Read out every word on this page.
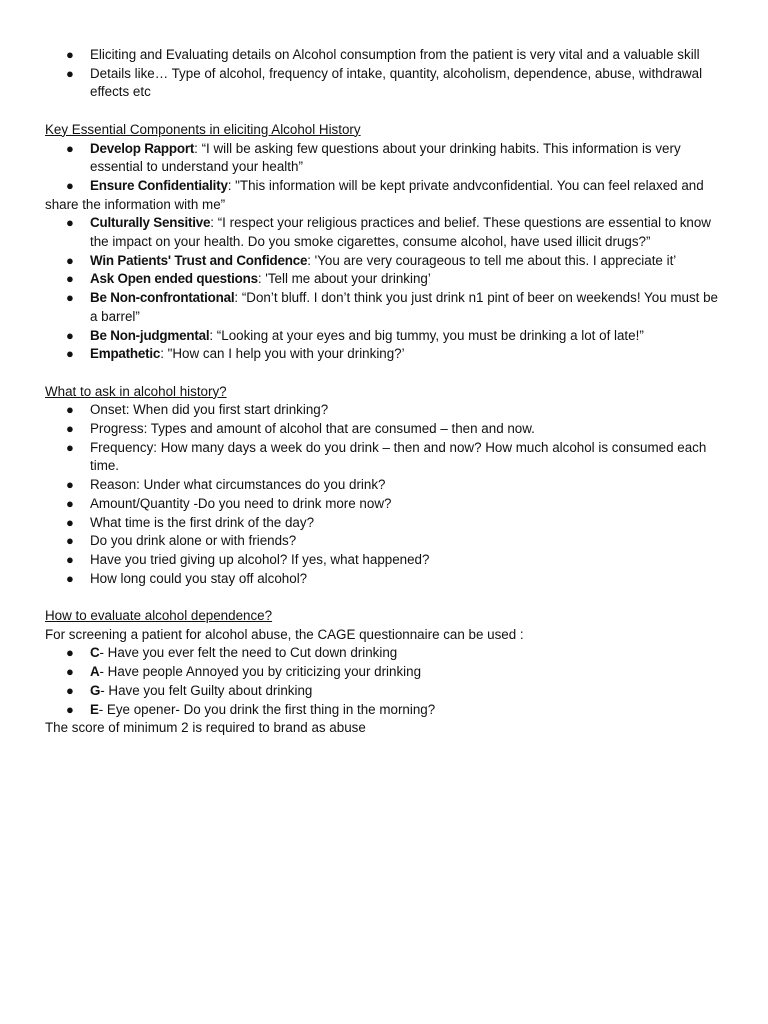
● Eliciting and Evaluating details on Alcohol consumption from the patient is very vital and a valuable skill
● Details like… Type of alcohol, frequency of intake, quantity, alcoholism, dependence, abuse, withdrawal effects etc

Key Essential Components in eliciting Alcohol History

● Develop Rapport: “I will be asking few questions about your drinking habits. This information is very essential to understand your health”
● Ensure Confidentiality: "This information will be kept private andvconfidential. You can feel relaxed and share the information with me”
● Culturally Sensitive: “I respect your religious practices and belief. These questions are essential to know the impact on your health. Do you smoke cigarettes, consume alcohol, have used illicit drugs?”
● Win Patients' Trust and Confidence: 'You are very courageous to tell me about this. I appreciate it’
● Ask Open ended questions: 'Tell me about your drinking’
● Be Non-confrontational: “Don’t bluff. I don’t think you just drink n1 pint of beer on weekends! You must be a barrel”
● Be Non-judgmental: “Looking at your eyes and big tummy, you must be drinking a lot of late!”
● Empathetic: "How can I help you with your drinking?’

What to ask in alcohol history?

● Onset: When did you first start drinking?
● Progress: Types and amount of alcohol that are consumed – then and now.
● Frequency: How many days a week do you drink – then and now? How much alcohol is consumed each time.
● Reason: Under what circumstances do you drink?
● Amount/Quantity -Do you need to drink more now?
● What time is the first drink of the day?
● Do you drink alone or with friends?
● Have you tried giving up alcohol? If yes, what happened?
● How long could you stay off alcohol?

How to evaluate alcohol dependence?

For screening a patient for alcohol abuse, the CAGE questionnaire can be used :

● C- Have you ever felt the need to Cut down drinking
● A- Have people Annoyed you by criticizing your drinking
● G- Have you felt Guilty about drinking
● E- Eye opener- Do you drink the first thing in the morning?

The score of minimum 2 is required to brand as abuse
